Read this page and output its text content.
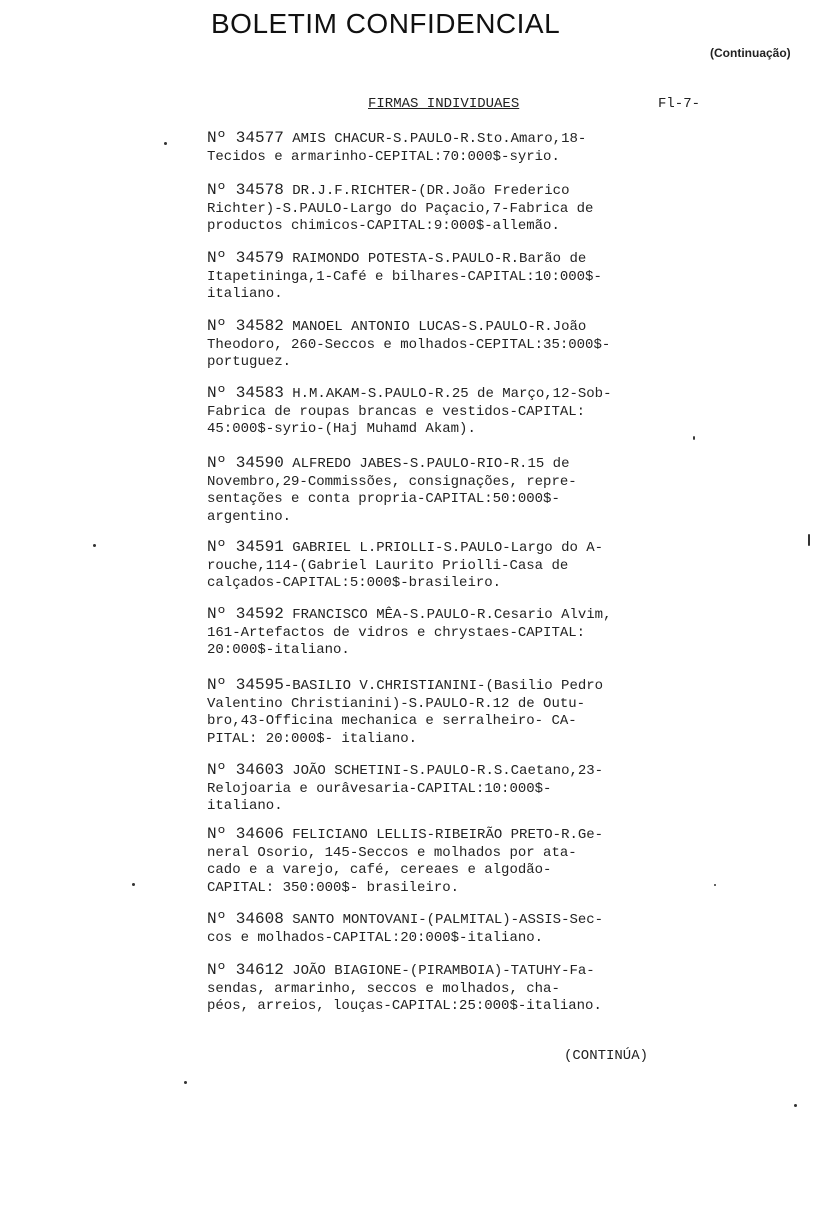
BOLETIM CONFIDENCIAL
(Continuação)
FIRMAS INDIVIDUAES	Fl-7-
Nº 34577 AMIS CHACUR-S.PAULO-R.Sto.Amaro,18-
Tecidos e armarinho-CEPITAL:70:000$-syrio.
Nº 34578 DR.J.F.RICHTER-(DR.João Frederico
Richter)-S.PAULO-Largo do Paçacio,7-Fabrica de
productos chimicos-CAPITAL:9:000$-allemão.
Nº 34579 RAIMONDO POTESTA-S.PAULO-R.Barão de
Itapetininga,1-Café e bilhares-CAPITAL:10:000$-
italiano.
Nº 34582 MANOEL ANTONIO LUCAS-S.PAULO-R.João
Theodoro, 260-Seccos e molhados-CEPITAL:35:000$-
portuguez.
Nº 34583 H.M.AKAM-S.PAULO-R.25 de Março,12-Sob-
Fabrica de roupas brancas e vestidos-CAPITAL:
45:000$-syrio-(Haj Muhamd Akam).
Nº 34590 ALFREDO JABES-S.PAULO-RIO-R.15 de
Novembro,29-Commissões, consignações, repre-
sentações e conta propria-CAPITAL:50:000$-
argentino.
Nº 34591 GABRIEL L.PRIOLLI-S.PAULO-Largo do A-
rouche,114-(Gabriel Laurito Priolli-Casa de
calçados-CAPITAL:5:000$-brasileiro.
Nº 34592 FRANCISCO MÊA-S.PAULO-R.Cesario Alvim,
161-Artefactos de vidros e chrystaes-CAPITAL:
20:000$-italiano.
Nº 34595-BASILIO V.CHRISTIANINI-(Basilio Pedro
Valentino Christianini)-S.PAULO-R.12 de Outu-
bro,43-Officina mechanica e serralheiro- CA-
PITAL: 20:000$- italiano.
Nº 34603 JOÃO SCHETINI-S.PAULO-R.S.Caetano,23-
Relojoaria e ourâvesaria-CAPITAL:10:000$-
italiano.
Nº 34606 FELICIANO LELLIS-RIBEIRÃO PRETO-R.Ge-
neral Osorio, 145-Seccos e molhados por ata-
cado e a varejo, café, cereaes e algodão-
CAPITAL: 350:000$- brasileiro.
Nº 34608 SANTO MONTOVANI-(PALMITAL)-ASSIS-Sec-
cos e molhados-CAPITAL:20:000$-italiano.
Nº 34612 JOÃO BIAGIONE-(PIRAMBOIA)-TATUHY-Fa-
sendas, armarinho, seccos e molhados, cha-
péos, arreios, louças-CAPITAL:25:000$-italiano.
(CONTINÚA)
